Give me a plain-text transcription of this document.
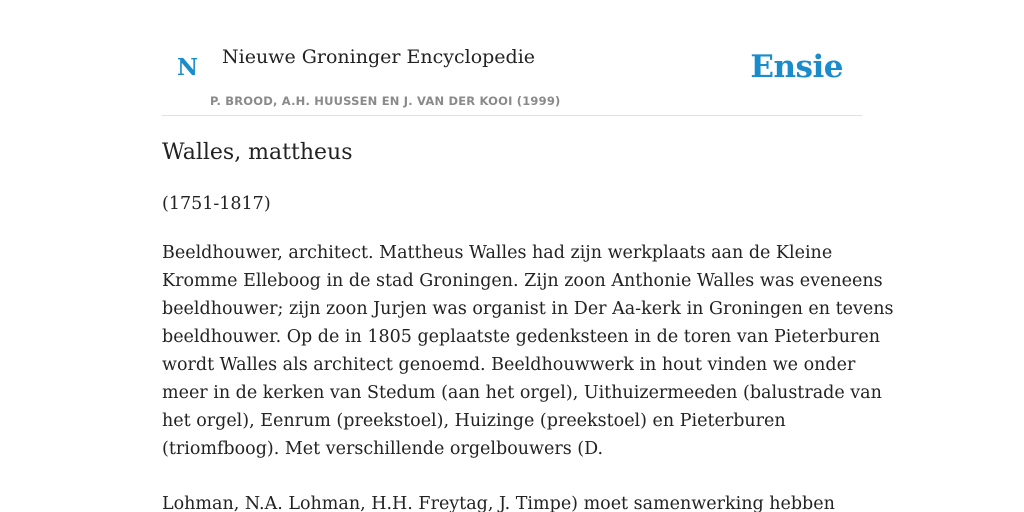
N Nieuwe Groninger Encyclopedie
P. BROOD, A.H. HUUSSEN EN J. VAN DER KOOI (1999)
Ensie
Walles, mattheus
(1751-1817)

Beeldhouwer, architect. Mattheus Walles had zijn werkplaats aan de Kleine
Kromme Elleboog in de stad Groningen. Zijn zoon Anthonie Walles was eveneens
beeldhouwer; zijn zoon Jurjen was organist in Der Aa-kerk in Groningen en tevens
beeldhouwer. Op de in 1805 geplaatste gedenksteen in de toren van Pieterburen
wordt Walles als architect genoemd. Beeldhouwwerk in hout vinden we onder
meer in de kerken van Stedum (aan het orgel), Uithuizermeeden (balustrade van
het orgel), Eenrum (preekstoel), Huizinge (preekstoel) en Pieterburen
(triomfboog). Met verschillende orgelbouwers (D.

Lohman, N.A. Lohman, H.H. Freytag, J. Timpe) moet samenwerking hebben
